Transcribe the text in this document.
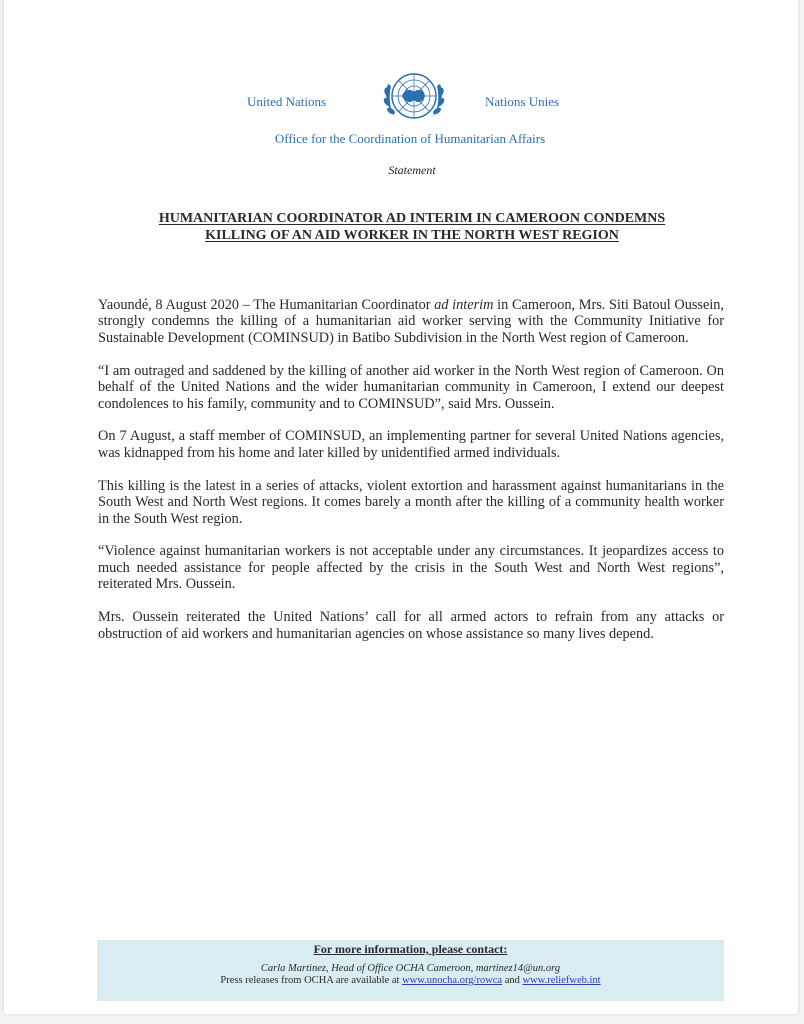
United Nations	Nations Unies
Office for the Coordination of Humanitarian Affairs
Statement
HUMANITARIAN COORDINATOR AD INTERIM IN CAMEROON CONDEMNS
KILLING OF AN AID WORKER IN THE NORTH WEST REGION

Yaoundé, 8 August 2020 – The Humanitarian Coordinator ad interim in Cameroon, Mrs. Siti Batoul Oussein, strongly condemns the killing of a humanitarian aid worker serving with the Community Initiative for Sustainable Development (COMINSUD) in Batibo Subdivision in the North West region of Cameroon.

“I am outraged and saddened by the killing of another aid worker in the North West region of Cameroon. On behalf of the United Nations and the wider humanitarian community in Cameroon, I extend our deepest condolences to his family, community and to COMINSUD”, said Mrs. Oussein.

On 7 August, a staff member of COMINSUD, an implementing partner for several United Nations agencies, was kidnapped from his home and later killed by unidentified armed individuals.

This killing is the latest in a series of attacks, violent extortion and harassment against humanitarians in the South West and North West regions. It comes barely a month after the killing of a community health worker in the South West region.

“Violence against humanitarian workers is not acceptable under any circumstances. It jeopardizes access to much needed assistance for people affected by the crisis in the South West and North West regions”, reiterated Mrs. Oussein.

Mrs. Oussein reiterated the United Nations’ call for all armed actors to refrain from any attacks or obstruction of aid workers and humanitarian agencies on whose assistance so many lives depend.

For more information, please contact:
Carla Martinez, Head of Office OCHA Cameroon, martinez14@un.org
Press releases from OCHA are available at www.unocha.org/rowca and www.reliefweb.int
